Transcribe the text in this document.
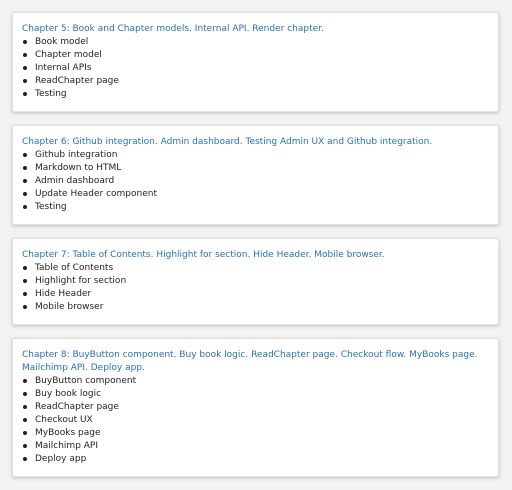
Chapter 5: Book and Chapter models. Internal API. Render chapter.
Book model
Chapter model
Internal APIs
ReadChapter page
Testing
Chapter 6: Github integration. Admin dashboard. Testing Admin UX and Github integration.
Github integration
Markdown to HTML
Admin dashboard
Update Header component
Testing
Chapter 7: Table of Contents. Highlight for section. Hide Header. Mobile browser.
Table of Contents
Highlight for section
Hide Header
Mobile browser
Chapter 8: BuyButton component. Buy book logic. ReadChapter page. Checkout flow. MyBooks page. Mailchimp API. Deploy app.
BuyButton component
Buy book logic
ReadChapter page
Checkout UX
MyBooks page
Mailchimp API
Deploy app
